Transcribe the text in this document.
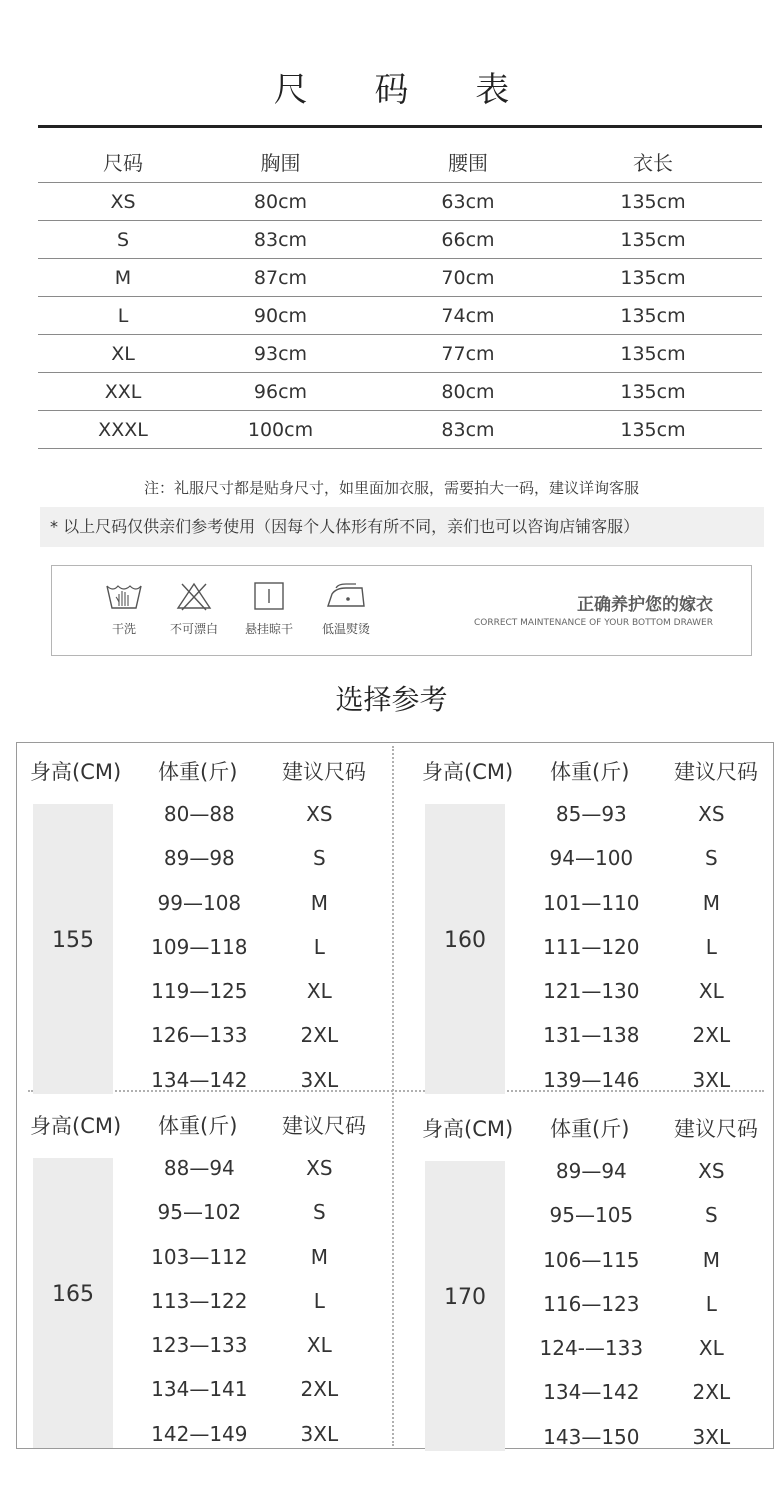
尺 码 表
尺码	胸围	腰围	衣长
XS	80cm	63cm	135cm
S	83cm	66cm	135cm
M	87cm	70cm	135cm
L	90cm	74cm	135cm
XL	93cm	77cm	135cm
XXL	96cm	80cm	135cm
XXXL	100cm	83cm	135cm
注：礼服尺寸都是贴身尺寸，如里面加衣服，需要拍大一码，建议详询客服
* 以上尺码仅供亲们参考使用（因每个人体形有所不同，亲们也可以咨询店铺客服）
干洗	不可漂白 悬挂晾干 低温熨烫
正确养护您的嫁衣
CORRECT MAINTENANCE OF YOUR BOTTOM DRAWER
选择参考
身高(CM) 体重(斤) 建议尺码
155
80—88	XS
89—98	S
99—108	M
109—118	L
119—125	XL
126—133	2XL
134—142	3XL
身高(CM) 体重(斤) 建议尺码
160
85—93	XS
94—100	S
101—110	M
111—120	L
121—130	XL
131—138	2XL
139—146	3XL
身高(CM) 体重(斤) 建议尺码
165
88—94	XS
95—102	S
103—112	M
113—122	L
123—133	XL
134—141	2XL
142—149	3XL
身高(CM) 体重(斤) 建议尺码
170
89—94	XS
95—105	S
106—115	M
116—123	L
124-—133	XL
134—142	2XL
143—150	3XL
